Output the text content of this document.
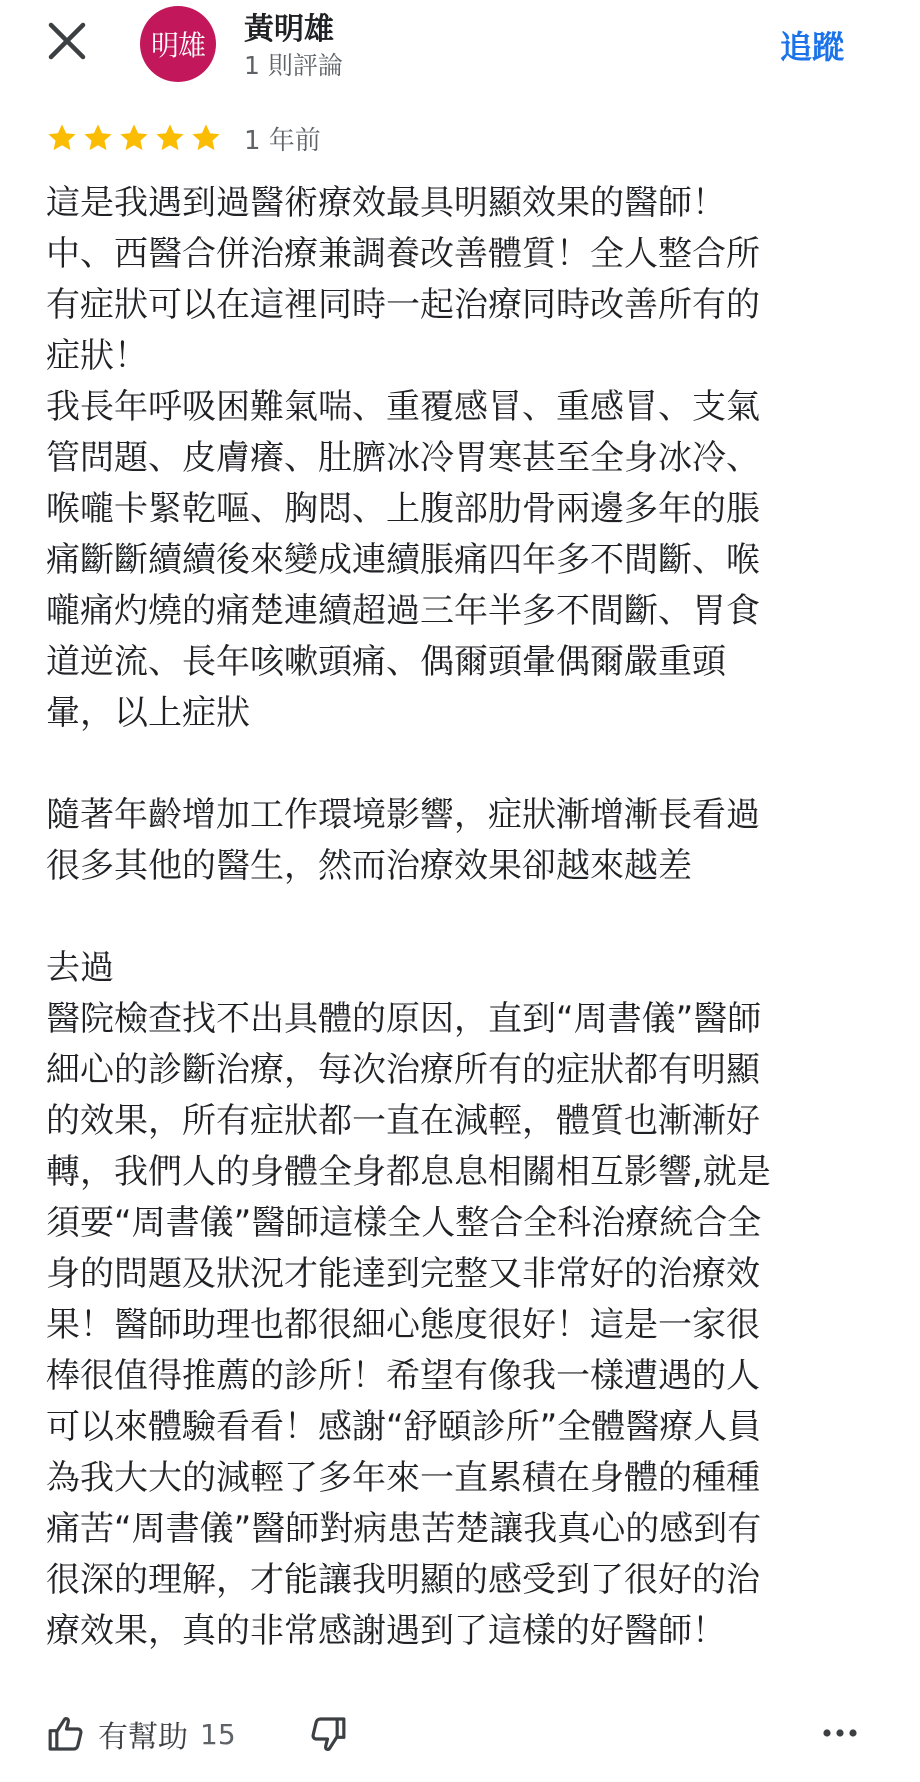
明雄 黃明雄
1 則評論	追蹤
1 年前
這是我遇到過醫術療效最具明顯效果的醫師！
中、西醫合併治療兼調養改善體質！全人整合所
有症狀可以在這裡同時一起治療同時改善所有的
症狀！
我長年呼吸困難氣喘、重覆感冒、重感冒、支氣
管問題、皮膚癢、肚臍冰冷胃寒甚至全身冰冷、
喉嚨卡緊乾嘔、胸悶、上腹部肋骨兩邊多年的脹
痛斷斷續續後來變成連續脹痛四年多不間斷、喉
嚨痛灼燒的痛楚連續超過三年半多不間斷、胃食
道逆流、長年咳嗽頭痛、偶爾頭暈偶爾嚴重頭
暈，以上症狀
隨著年齡增加工作環境影響，症狀漸增漸長看過
很多其他的醫生，然而治療效果卻越來越差
去過
醫院檢查找不出具體的原因，直到“周書儀”醫師
細心的診斷治療，每次治療所有的症狀都有明顯
的效果，所有症狀都一直在減輕，體質也漸漸好
轉，我們人的身體全身都息息相關相互影響,就是
須要“周書儀”醫師這樣全人整合全科治療統合全
身的問題及狀況才能達到完整又非常好的治療效
果！醫師助理也都很細心態度很好！這是一家很
棒很值得推薦的診所！希望有像我一樣遭遇的人
可以來體驗看看！感謝“舒頤診所”全體醫療人員
為我大大的減輕了多年來一直累積在身體的種種
痛苦“周書儀”醫師對病患苦楚讓我真心的感到有
很深的理解，才能讓我明顯的感受到了很好的治
療效果，真的非常感謝遇到了這樣的好醫師！
有幫助 15
